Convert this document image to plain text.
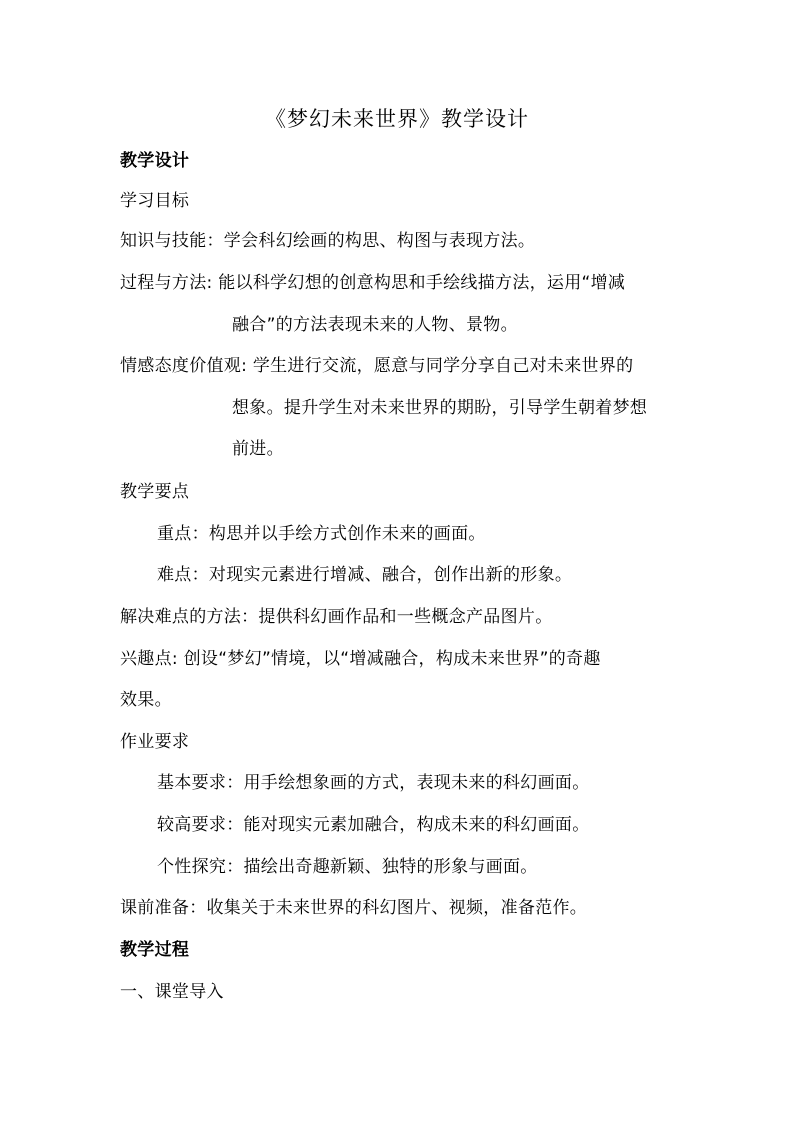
《梦幻未来世界》教学设计
教学设计
学习目标
知识与技能：学会科幻绘画的构思、构图与表现方法。
过程与方法: 能以科学幻想的创意构思和手绘线描方法，运用“增减
融合”的方法表现未来的人物、景物。
情感态度价值观: 学生进行交流，愿意与同学分享自己对未来世界的
想象。提升学生对未来世界的期盼，引导学生朝着梦想
前进。
教学要点
重点：构思并以手绘方式创作未来的画面。
难点：对现实元素进行增减、融合，创作出新的形象。
解决难点的方法：提供科幻画作品和一些概念产品图片。
兴趣点: 创设“梦幻”情境，以“增减融合，构成未来世界”的奇趣
效果。
作业要求
基本要求：用手绘想象画的方式，表现未来的科幻画面。
较高要求：能对现实元素加融合，构成未来的科幻画面。
个性探究：描绘出奇趣新颖、独特的形象与画面。
课前准备：收集关于未来世界的科幻图片、视频，准备范作。
教学过程
一、课堂导入
